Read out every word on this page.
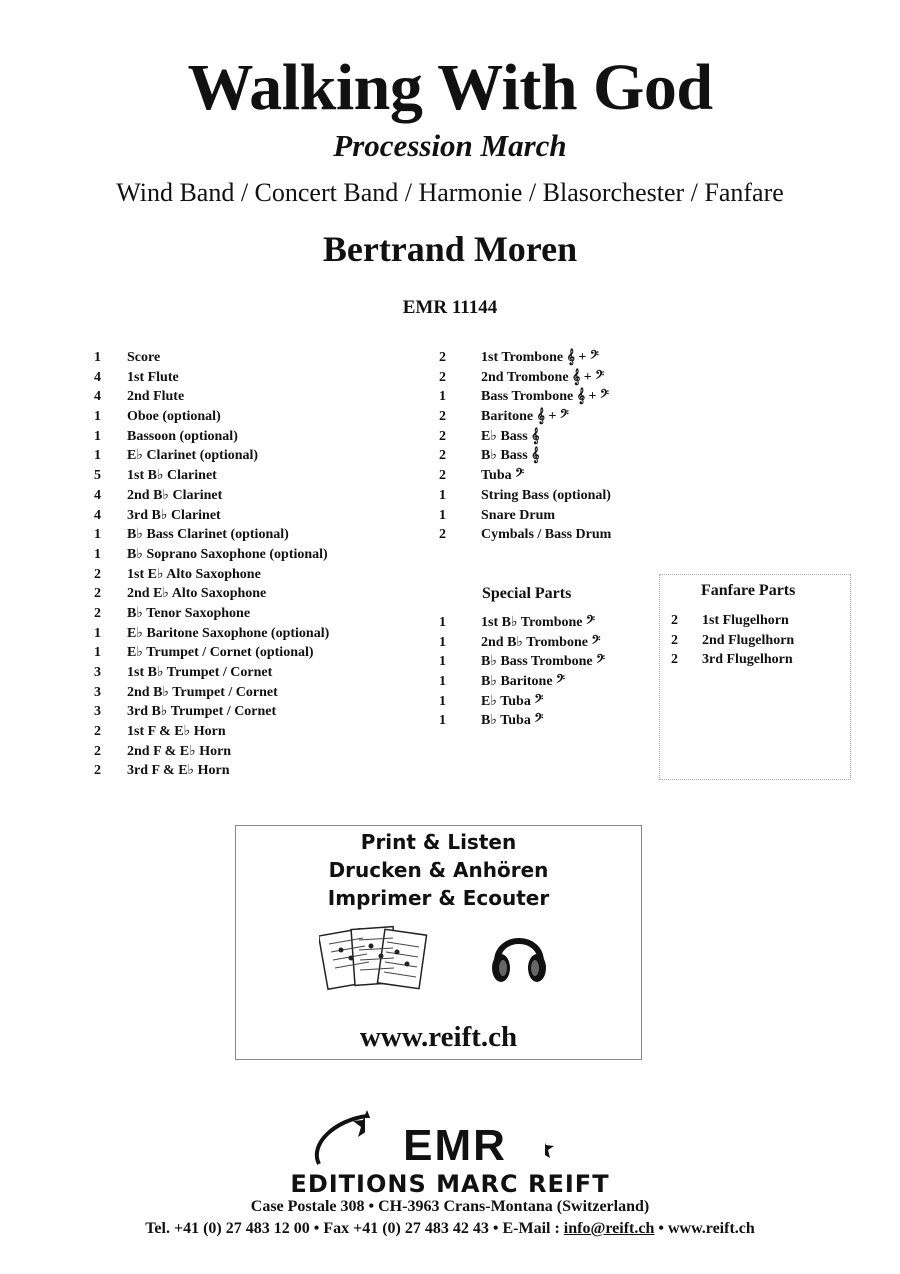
Walking With God
Procession March
Wind Band / Concert Band / Harmonie / Blasorchester / Fanfare
Bertrand Moren
EMR 11144
1 Score
4 1st Flute
4 2nd Flute
1 Oboe (optional)
1 Bassoon (optional)
1 E♭ Clarinet (optional)
5 1st B♭ Clarinet
4 2nd B♭ Clarinet
4 3rd B♭ Clarinet
1 B♭ Bass Clarinet (optional)
1 B♭ Soprano Saxophone (optional)
2 1st E♭ Alto Saxophone
2 2nd E♭ Alto Saxophone
2 B♭ Tenor Saxophone
1 E♭ Baritone Saxophone (optional)
1 E♭ Trumpet / Cornet (optional)
3 1st B♭ Trumpet / Cornet
3 2nd B♭ Trumpet / Cornet
3 3rd B♭ Trumpet / Cornet
2 1st F & E♭ Horn
2 2nd F & E♭ Horn
2 3rd F & E♭ Horn
2	1st Trombone 𝄞 + 𝄢
2	2nd Trombone 𝄞 + 𝄢
1	Bass Trombone 𝄞 + 𝄢
2	Baritone 𝄞 + 𝄢
2	E♭ Bass 𝄞
2	B♭ Bass 𝄞
2	Tuba 𝄢
1	String Bass (optional)
1	Snare Drum
2	Cymbals / Bass Drum
Special Parts
1	1st B♭ Trombone 𝄢
1	2nd B♭ Trombone 𝄢
1	B♭ Bass Trombone 𝄢
1	B♭ Baritone 𝄢
1	E♭ Tuba 𝄢
1	B♭ Tuba 𝄢
Fanfare Parts
2 1st Flugelhorn
2 2nd Flugelhorn
2 3rd Flugelhorn
Print & Listen
Drucken & Anhören
Imprimer & Ecouter
www.reift.ch
EMR
EDITIONS MARC REIFT
Case Postale 308 • CH-3963 Crans-Montana (Switzerland)
Tel. +41 (0) 27 483 12 00 • Fax +41 (0) 27 483 42 43 • E-Mail : info@reift.ch • www.reift.ch
